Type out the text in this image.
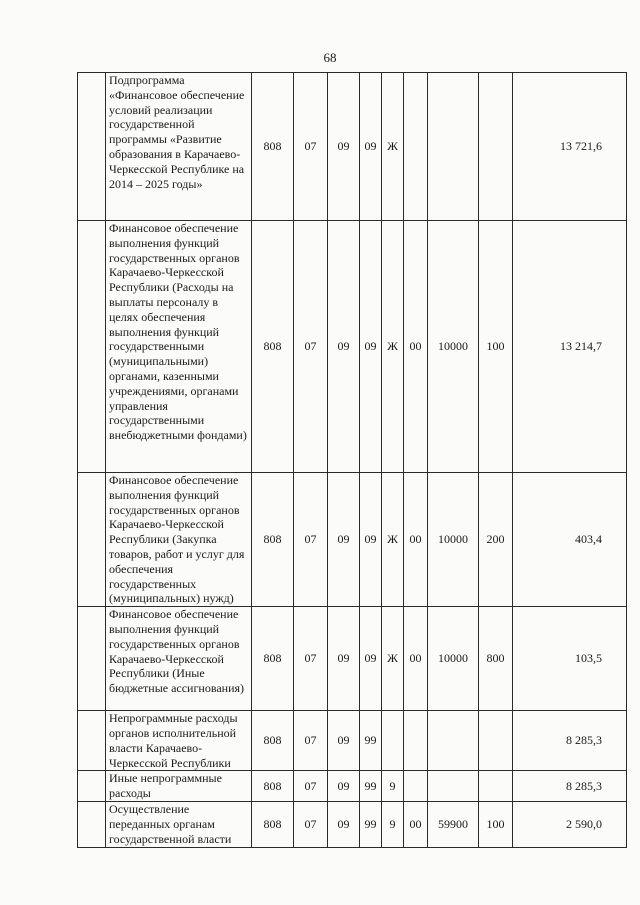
68
	Подпрограмма «Финансовое обеспечение условий реализации государственной программы «Развитие образования в Карачаево-Черкесской Республике на 2014 – 2025 годы»	808	07	09	09	Ж				13 721,6
	Финансовое обеспечение выполнения функций государственных органов Карачаево-Черкесской Республики (Расходы на выплаты персоналу в целях обеспечения выполнения функций государственными (муниципальными) органами, казенными учреждениями, органами управления государственными внебюджетными фондами)	808	07	09	09	Ж	00	10000	100	13 214,7
	Финансовое обеспечение выполнения функций государственных органов Карачаево-Черкесской Республики (Закупка товаров, работ и услуг для обеспечения государственных (муниципальных) нужд)	808	07	09	09	Ж	00	10000	200	403,4
	Финансовое обеспечение выполнения функций государственных органов Карачаево-Черкесской Республики (Иные бюджетные ассигнования)	808	07	09	09	Ж	00	10000	800	103,5
	Непрограммные расходы органов исполнительной власти Карачаево-Черкесской Республики	808	07	09	99					8 285,3
	Иные непрограммные расходы	808	07	09	99	9				8 285,3
	Осуществление переданных органам государственной власти	808	07	09	99	9	00	59900	100	2 590,0
